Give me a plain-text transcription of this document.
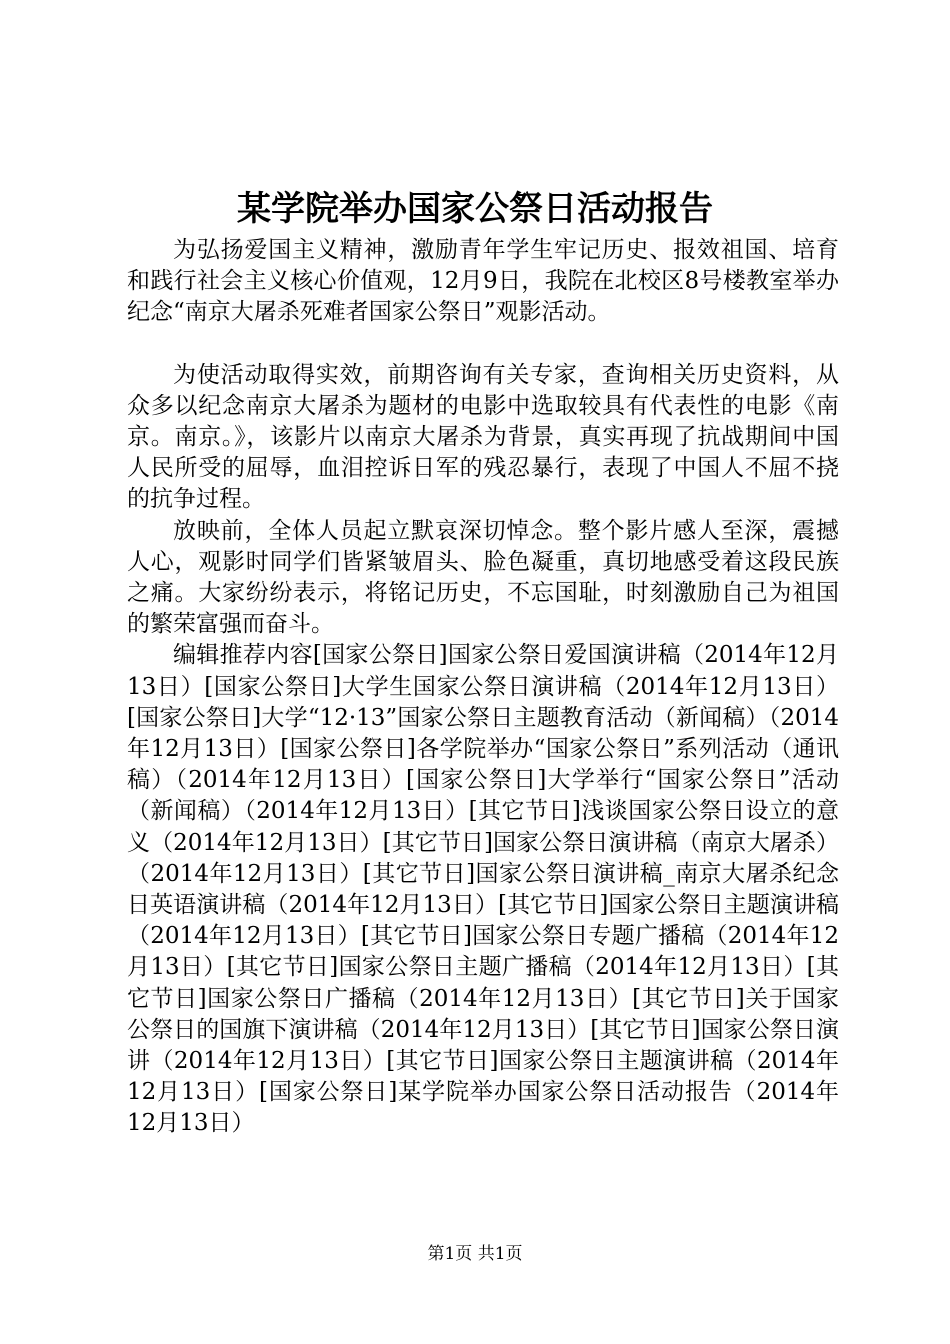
某学院举办国家公祭日活动报告

为弘扬爱国主义精神，激励青年学生牢记历史、报效祖国、培育和践行社会主义核心价值观，12月9日，我院在北校区8号楼教室举办纪念“南京大屠杀死难者国家公祭日”观影活动。

为使活动取得实效，前期咨询有关专家，查询相关历史资料，从众多以纪念南京大屠杀为题材的电影中选取较具有代表性的电影《南京。南京。》，该影片以南京大屠杀为背景，真实再现了抗战期间中国人民所受的屈辱，血泪控诉日军的残忍暴行，表现了中国人不屈不挠的抗争过程。

放映前，全体人员起立默哀深切悼念。整个影片感人至深，震撼人心，观影时同学们皆紧皱眉头、脸色凝重，真切地感受着这段民族之痛。大家纷纷表示，将铭记历史，不忘国耻，时刻激励自己为祖国的繁荣富强而奋斗。

编辑推荐内容[国家公祭日]国家公祭日爱国演讲稿（2014年12月13日）[国家公祭日]大学生国家公祭日演讲稿（2014年12月13日）[国家公祭日]大学“12·13”国家公祭日主题教育活动（新闻稿）（2014年12月13日）[国家公祭日]各学院举办“国家公祭日”系列活动（通讯稿）（2014年12月13日）[国家公祭日]大学举行“国家公祭日”活动（新闻稿）（2014年12月13日）[其它节日]浅谈国家公祭日设立的意义（2014年12月13日）[其它节日]国家公祭日演讲稿（南京大屠杀）（2014年12月13日）[其它节日]国家公祭日演讲稿_南京大屠杀纪念日英语演讲稿（2014年12月13日）[其它节日]国家公祭日主题演讲稿（2014年12月13日）[其它节日]国家公祭日专题广播稿（2014年12月13日）[其它节日]国家公祭日主题广播稿（2014年12月13日）[其它节日]国家公祭日广播稿（2014年12月13日）[其它节日]关于国家公祭日的国旗下演讲稿（2014年12月13日）[其它节日]国家公祭日演讲（2014年12月13日）[其它节日]国家公祭日主题演讲稿（2014年12月13日）[国家公祭日]某学院举办国家公祭日活动报告（2014年12月13日）

第1页 共1页
